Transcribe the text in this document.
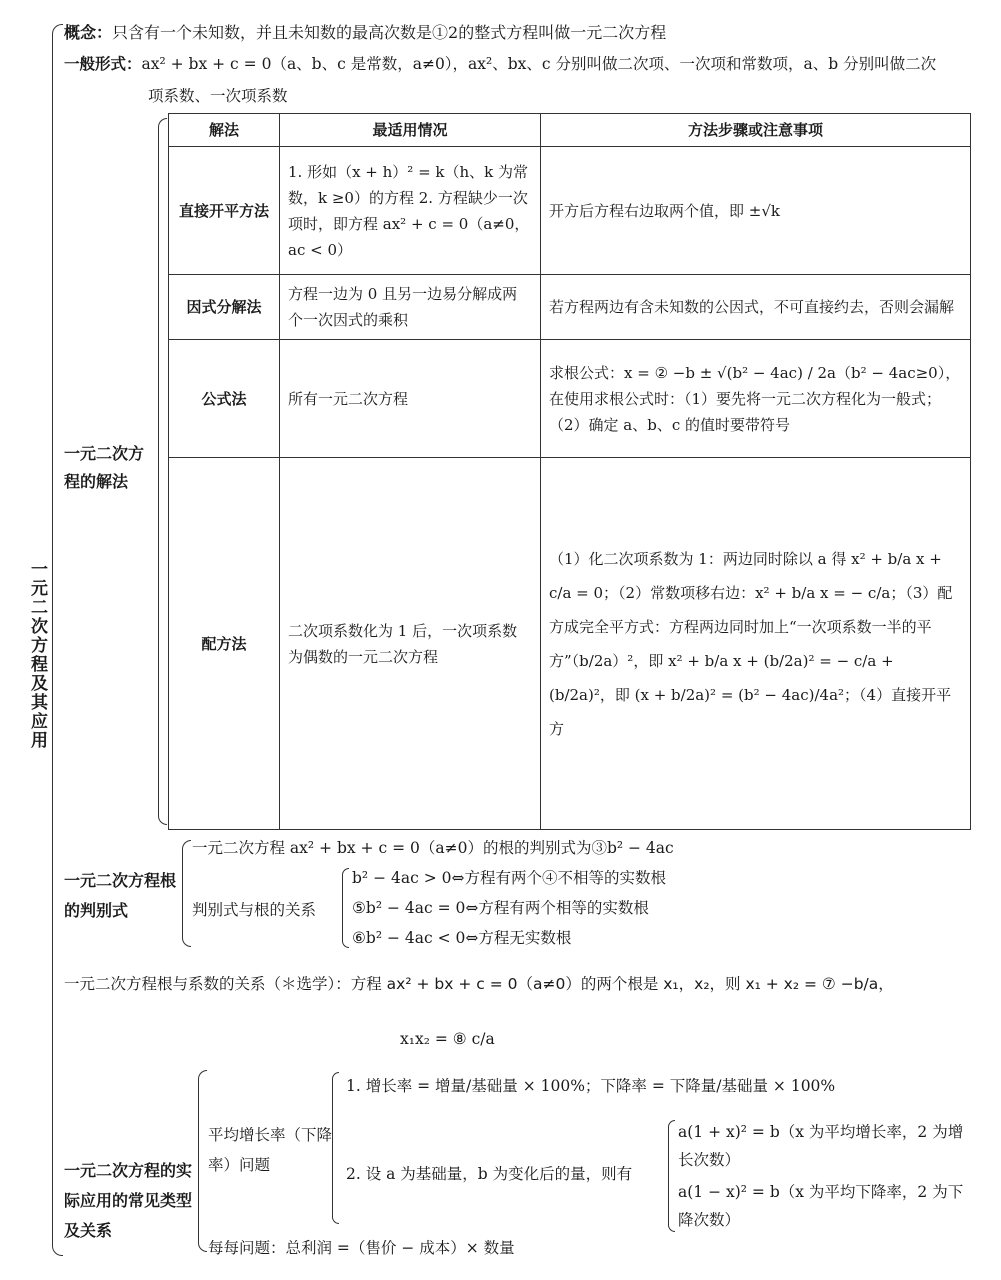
一元二次方程及其应用
概念：只含有一个未知数，并且未知数的最高次数是①2的整式方程叫做一元二次方程
一般形式：ax² + bx + c = 0（a、b、c 是常数，a≠0），ax²、bx、c 分别叫做二次项、一次项和常数项，a、b 分别叫做二次
项系数、一次项系数
一元二次方程的解法
解法	最适用情况	方法步骤或注意事项
直接开平方法	1. 形如（x + h）² = k（h、k 为常数，k ≥0）的方程 2. 方程缺少一次项时，即方程 ax² + c = 0（a≠0，ac < 0）	开方后方程右边取两个值，即 ±√k
因式分解法	方程一边为 0 且另一边易分解成两个一次因式的乘积	若方程两边有含未知数的公因式，不可直接约去，否则会漏解
公式法	所有一元二次方程	求根公式：x = ② −b ± √(b² − 4ac) / 2a（b² − 4ac≥0），在使用求根公式时：（1）要先将一元二次方程化为一般式；（2）确定 a、b、c 的值时要带符号
配方法	二次项系数化为 1 后，一次项系数为偶数的一元二次方程	（1）化二次项系数为 1：两边同时除以 a 得 x² + b/a x + c/a = 0；（2）常数项移右边：x² + b/a x = − c/a；（3）配方成完全平方式：方程两边同时加上“一次项系数一半的平方”（b/2a）²，即 x² + b/a x + (b/2a)² = − c/a + (b/2a)²，即 (x + b/2a)² = (b² − 4ac)/4a²；（4）直接开平方
一元二次方程根的判别式
一元二次方程 ax² + bx + c = 0（a≠0）的根的判别式为③b² − 4ac
判别式与根的关系
b² − 4ac > 0⇔方程有两个④不相等的实数根
⑤b² − 4ac = 0⇔方程有两个相等的实数根
⑥b² − 4ac < 0⇔方程无实数根
一元二次方程根与系数的关系（＊选学）：方程 ax² + bx + c = 0（a≠0）的两个根是 x₁，x₂，则 x₁ + x₂ = ⑦ −b/a，
x₁x₂ = ⑧ c/a
一元二次方程的实际应用的常见类型及关系
平均增长率（下降率）问题
1. 增长率 = 增量/基础量 × 100%；下降率 = 下降量/基础量 × 100%
2. 设 a 为基础量，b 为变化后的量，则有
a(1 + x)² = b（x 为平均增长率，2 为增长次数）
a(1 − x)² = b（x 为平均下降率，2 为下降次数）
每每问题：总利润 =（售价 − 成本）× 数量
